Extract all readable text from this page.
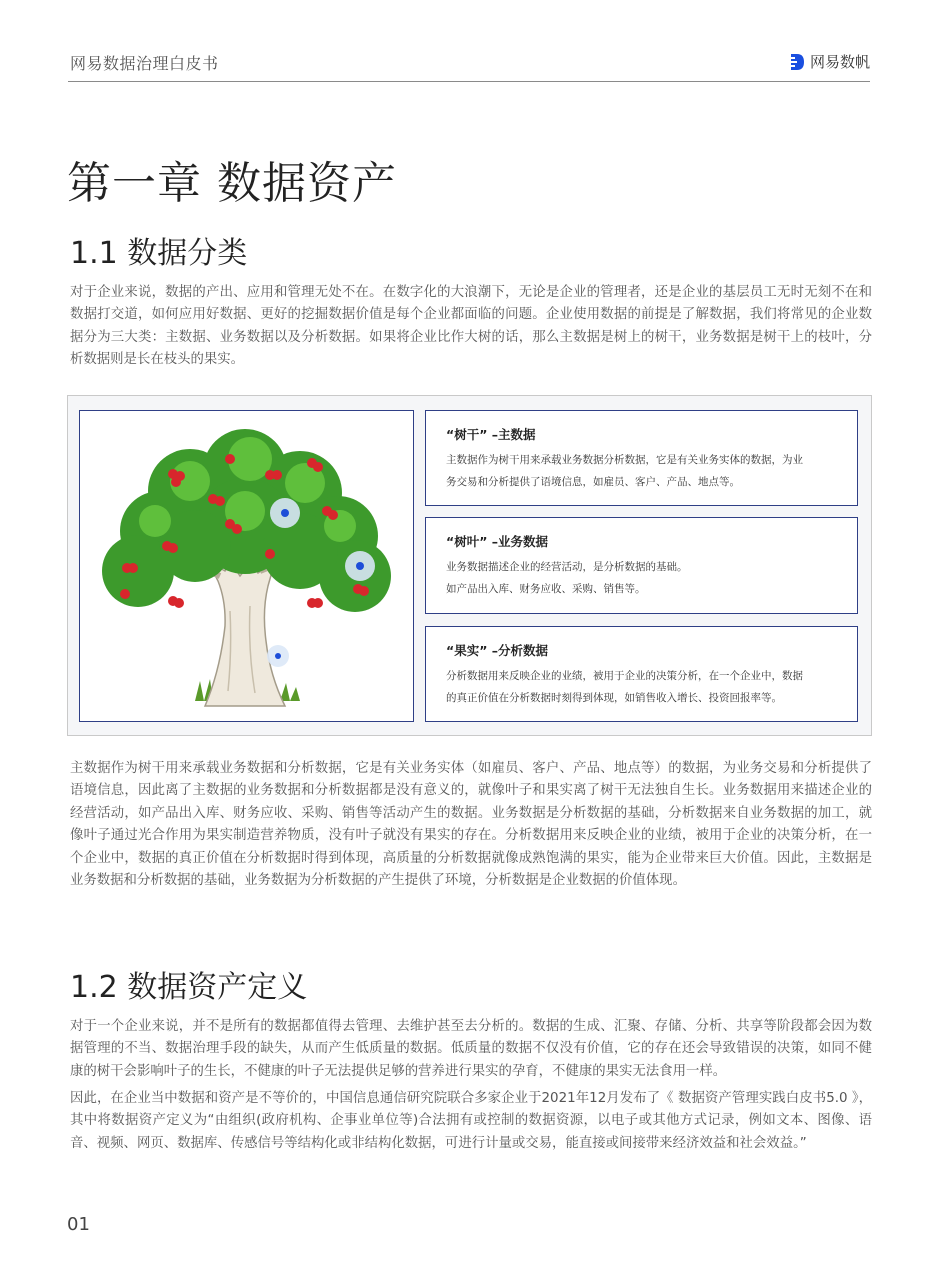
网易数据治理白皮书	网易数帆
第一章 数据资产
1.1 数据分类

对于企业来说，数据的产出、应用和管理无处不在。在数字化的大浪潮下，无论是企业的管理者，还是企业的基层员工无时无刻不在和数据打交道，如何应用好数据、更好的挖掘数据价值是每个企业都面临的问题。企业使用数据的前提是了解数据，我们将常见的企业数据分为三大类：主数据、业务数据以及分析数据。如果将企业比作大树的话，那么主数据是树上的树干，业务数据是树干上的枝叶，分析数据则是长在枝头的果实。

“树干” –主数据
主数据作为树干用来承载业务数据分析数据，它是有关业务实体的数据，为业
务交易和分析提供了语境信息，如雇员、客户、产品、地点等。
“树叶” –业务数据
业务数据描述企业的经营活动，是分析数据的基础。
如产品出入库、财务应收、采购、销售等。
“果实” –分析数据
分析数据用来反映企业的业绩，被用于企业的决策分析，在一个企业中，数据
的真正价值在分析数据时刻得到体现，如销售收入增长、投资回报率等。

主数据作为树干用来承载业务数据和分析数据，它是有关业务实体（如雇员、客户、产品、地点等）的数据，为业务交易和分析提供了语境信息，因此离了主数据的业务数据和分析数据都是没有意义的，就像叶子和果实离了树干无法独自生长。业务数据用来描述企业的经营活动，如产品出入库、财务应收、采购、销售等活动产生的数据。业务数据是分析数据的基础，分析数据来自业务数据的加工，就像叶子通过光合作用为果实制造营养物质，没有叶子就没有果实的存在。分析数据用来反映企业的业绩，被用于企业的决策分析，在一个企业中，数据的真正价值在分析数据时得到体现，高质量的分析数据就像成熟饱满的果实，能为企业带来巨大价值。因此，主数据是业务数据和分析数据的基础，业务数据为分析数据的产生提供了环境，分析数据是企业数据的价值体现。

1.2 数据资产定义

对于一个企业来说，并不是所有的数据都值得去管理、去维护甚至去分析的。数据的生成、汇聚、存储、分析、共享等阶段都会因为数据管理的不当、数据治理手段的缺失，从而产生低质量的数据。低质量的数据不仅没有价值，它的存在还会导致错误的决策，如同不健康的树干会影响叶子的生长，不健康的叶子无法提供足够的营养进行果实的孕育，不健康的果实无法食用一样。

因此，在企业当中数据和资产是不等价的，中国信息通信研究院联合多家企业于2021年12月发布了《 数据资产管理实践白皮书5.0 》，其中将数据资产定义为“由组织(政府机构、企事业单位等)合法拥有或控制的数据资源，以电子或其他方式记录，例如文本、图像、语音、视频、网页、数据库、传感信号等结构化或非结构化数据，可进行计量或交易，能直接或间接带来经济效益和社会效益。”

01
